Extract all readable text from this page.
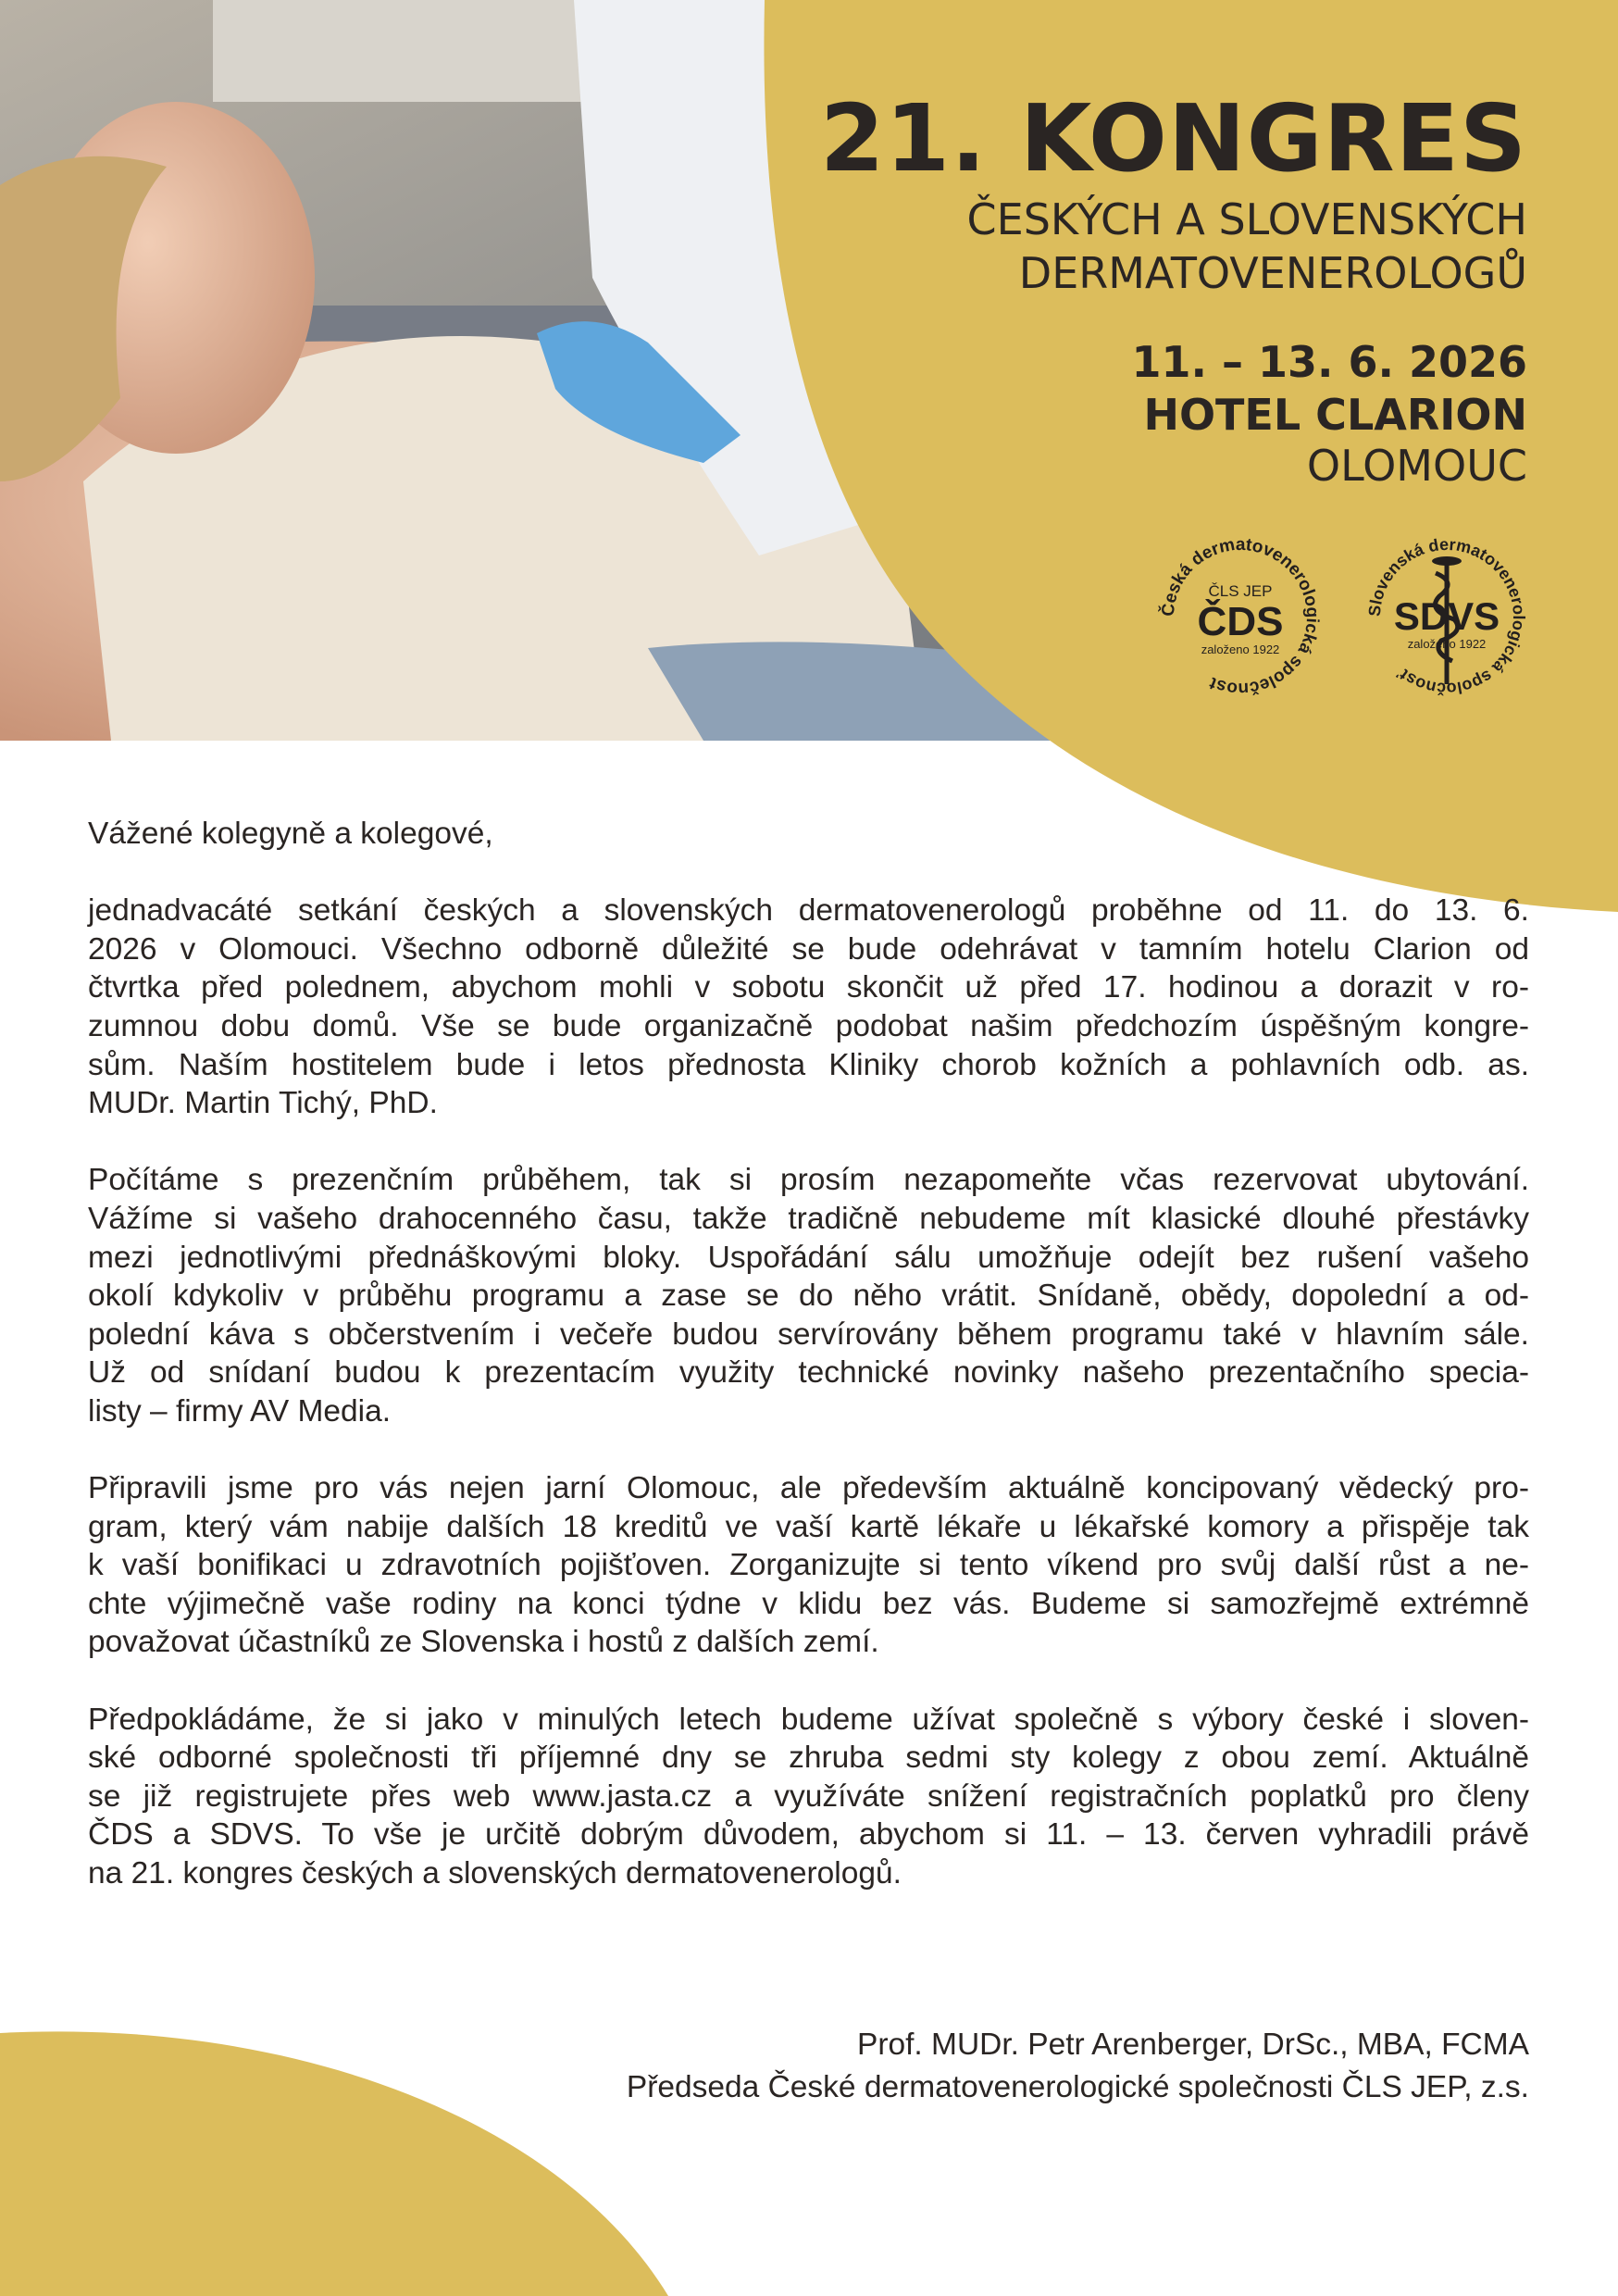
21. KONGRES
ČESKÝCH A SLOVENSKÝCH
DERMATOVENEROLOGŮ
11. – 13. 6. 2026
HOTEL CLARION
OLOMOUC
Česká dermatovenerologická společnost
ČLS JEP
ČDS
založeno 1922
Slovenská dermatovenerologická spoločnosť
SDVS
založeno 1922

Vážené kolegyně a kolegové,

jednadvacáté setkání českých a slovenských dermatovenerologů proběhne od 11. do 13. 6.
2026 v Olomouci. Všechno odborně důležité se bude odehrávat v tamním hotelu Clarion od
čtvrtka před polednem, abychom mohli v sobotu skončit už před 17. hodinou a dorazit v ro-
zumnou dobu domů. Vše se bude organizačně podobat našim předchozím úspěšným kongre-
sům. Naším hostitelem bude i letos přednosta Kliniky chorob kožních a pohlavních odb. as.
MUDr. Martin Tichý, PhD.

Počítáme s prezenčním průběhem, tak si prosím nezapomeňte včas rezervovat ubytování.
Vážíme si vašeho drahocenného času, takže tradičně nebudeme mít klasické dlouhé přestávky
mezi jednotlivými přednáškovými bloky. Uspořádání sálu umožňuje odejít bez rušení vašeho
okolí kdykoliv v průběhu programu a zase se do něho vrátit. Snídaně, obědy, dopolední a od-
polední káva s občerstvením i večeře budou servírovány během programu také v hlavním sále.
Už od snídaní budou k prezentacím využity technické novinky našeho prezentačního specia-
listy – firmy AV Media.

Připravili jsme pro vás nejen jarní Olomouc, ale především aktuálně koncipovaný vědecký pro-
gram, který vám nabije dalších 18 kreditů ve vaší kartě lékaře u lékařské komory a přispěje tak
k vaší bonifikaci u zdravotních pojišťoven. Zorganizujte si tento víkend pro svůj další růst a ne-
chte výjimečně vaše rodiny na konci týdne v klidu bez vás. Budeme si samozřejmě extrémně
považovat účastníků ze Slovenska i hostů z dalších zemí.

Předpokládáme, že si jako v minulých letech budeme užívat společně s výbory české i sloven-
ské odborné společnosti tři příjemné dny se zhruba sedmi sty kolegy z obou zemí. Aktuálně
se již registrujete přes web www.jasta.cz a využíváte snížení registračních poplatků pro členy
ČDS a SDVS. To vše je určitě dobrým důvodem, abychom si 11. – 13. červen vyhradili právě
na 21. kongres českých a slovenských dermatovenerologů.

Prof. MUDr. Petr Arenberger, DrSc., MBA, FCMA
Předseda České dermatovenerologické společnosti ČLS JEP, z.s.
